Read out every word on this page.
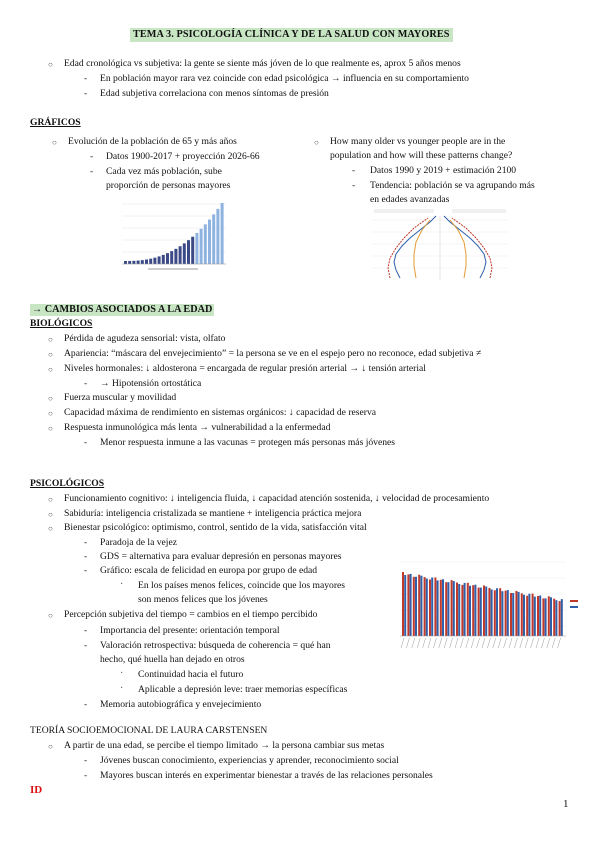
TEMA 3. PSICOLOGÍA CLÍNICA Y DE LA SALUD CON MAYORES
○ Edad cronológica vs subjetiva: la gente se siente más jóven de lo que realmente es, aprox 5 años menos
- En población mayor rara vez coincide con edad psicológica → influencia en su comportamiento
- Edad subjetiva correlaciona con menos síntomas de presión
GRÁFICOS
○ Evolución de la población de 65 y más años
- Datos 1900-2017 + proyección 2026-66
- Cada vez más población, sube
proporción de personas mayores
○ How many older vs younger people are in the
population and how will these patterns change?
- Datos 1990 y 2019 + estimación 2100
- Tendencia: población se va agrupando más
en edades avanzadas
→ CAMBIOS ASOCIADOS A LA EDAD
BIOLÓGICOS
○ Pérdida de agudeza sensorial: vista, olfato
○ Apariencia: “máscara del envejecimiento” = la persona se ve en el espejo pero no reconoce, edad subjetiva ≠
○ Niveles hormonales: ↓ aldosterona = encargada de regular presión arterial → ↓ tensión arterial
- → Hipotensión ortostática
○ Fuerza muscular y movilidad
○ Capacidad máxima de rendimiento en sistemas orgánicos: ↓ capacidad de reserva
○ Respuesta inmunológica más lenta → vulnerabilidad a la enfermedad
- Menor respuesta inmune a las vacunas = protegen más personas más jóvenes
PSICOLÓGICOS
○ Funcionamiento cognitivo: ↓ inteligencia fluida, ↓ capacidad atención sostenida, ↓ velocidad de procesamiento
○ Sabiduría: inteligencia cristalizada se mantiene + inteligencia práctica mejora
○ Bienestar psicológico: optimismo, control, sentido de la vida, satisfacción vital
- Paradoja de la vejez
- GDS = alternativa para evaluar depresión en personas mayores
- Gráfico: escala de felicidad en europa por grupo de edad
· En los países menos felices, coincide que los mayores
son menos felices que los jóvenes
○ Percepción subjetiva del tiempo = cambios en el tiempo percibido
- Importancia del presente: orientación temporal
- Valoración retrospectiva: búsqueda de coherencia = qué han
hecho, qué huella han dejado en otros
· Continuidad hacia el futuro
· Aplicable a depresión leve: traer memorias específicas
- Memoria autobiográfica y envejecimiento
TEORÍA SOCIOEMOCIONAL DE LAURA CARSTENSEN
○ A partir de una edad, se percibe el tiempo limitado → la persona cambiar sus metas
- Jóvenes buscan conocimiento, experiencias y aprender, reconocimiento social
- Mayores buscan interés en experimentar bienestar a través de las relaciones personales
ID
1
